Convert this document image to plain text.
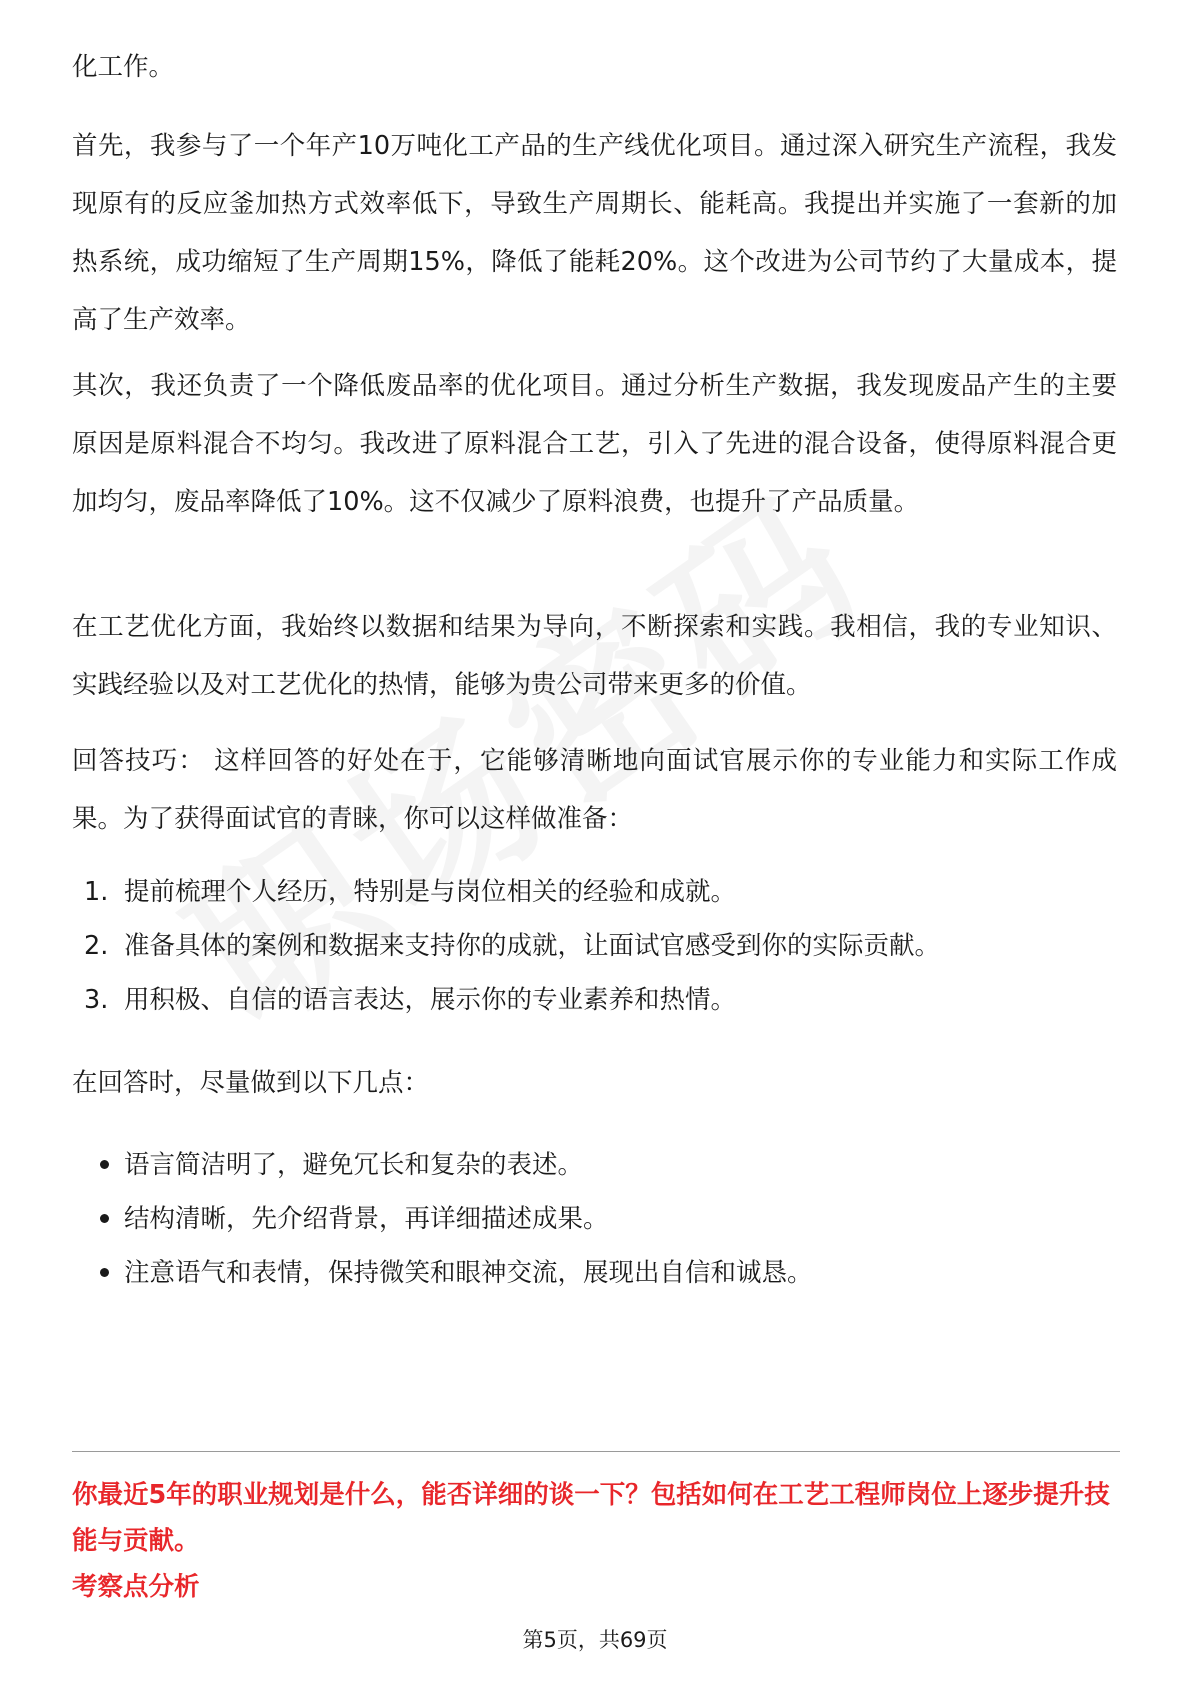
化工作。

首先，我参与了一个年产10万吨化工产品的生产线优化项目。通过深入研究生产流程，我发现原有的反应釜加热方式效率低下，导致生产周期长、能耗高。我提出并实施了一套新的加热系统，成功缩短了生产周期15%，降低了能耗20%。这个改进为公司节约了大量成本，提高了生产效率。

其次，我还负责了一个降低废品率的优化项目。通过分析生产数据，我发现废品产生的主要原因是原料混合不均匀。我改进了原料混合工艺，引入了先进的混合设备，使得原料混合更加均匀，废品率降低了10%。这不仅减少了原料浪费，也提升了产品质量。

在工艺优化方面，我始终以数据和结果为导向，不断探索和实践。我相信，我的专业知识、实践经验以及对工艺优化的热情，能够为贵公司带来更多的价值。

回答技巧： 这样回答的好处在于，它能够清晰地向面试官展示你的专业能力和实际工作成果。为了获得面试官的青睐，你可以这样做准备：

1. 提前梳理个人经历，特别是与岗位相关的经验和成就。
2. 准备具体的案例和数据来支持你的成就，让面试官感受到你的实际贡献。
3. 用积极、自信的语言表达，展示你的专业素养和热情。

在回答时，尽量做到以下几点：

语言简洁明了，避免冗长和复杂的表述。
结构清晰，先介绍背景，再详细描述成果。
注意语气和表情，保持微笑和眼神交流，展现出自信和诚恳。

你最近5年的职业规划是什么，能否详细的谈一下？包括如何在工艺工程师岗位上逐步提升技能与贡献。

考察点分析

第5页，共69页
